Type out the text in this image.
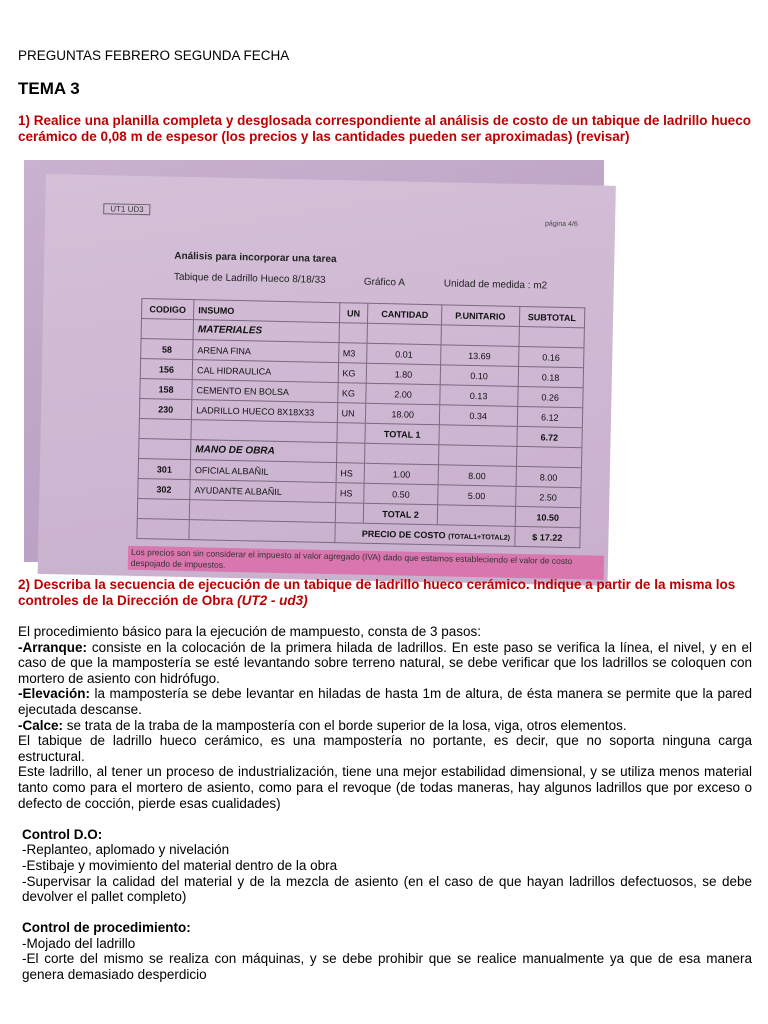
PREGUNTAS FEBRERO SEGUNDA FECHA
TEMA 3
1) Realice una planilla completa y desglosada correspondiente al análisis de costo de un tabique de ladrillo hueco cerámico de 0,08 m de espesor (los precios y las cantidades pueden ser aproximadas) (revisar)
UT1 UD3
página 4/6
Análisis para incorporar una tarea
Tabique de Ladrillo Hueco 8/18/33	Gráfico A	Unidad de medida : m2
CODIGO	INSUMO	UN	CANTIDAD	P.UNITARIO	SUBTOTAL
	MATERIALES				
58	ARENA FINA	M3	0.01	13.69	0.16
156	CAL HIDRAULICA	KG	1.80	0.10	0.18
158	CEMENTO EN BOLSA	KG	2.00	0.13	0.26
230	LADRILLO HUECO 8X18X33	UN	18.00	0.34	6.12
			TOTAL 1		6.72
	MANO DE OBRA				
301	OFICIAL ALBAÑIL	HS	1.00	8.00	8.00
302	AYUDANTE ALBAÑIL	HS	0.50	5.00	2.50
			TOTAL 2		10.50
		PRECIO DE COSTO (TOTAL1+TOTAL2)			$ 17.22
Los precios son sin considerar el impuesto al valor agregado (IVA) dado que estamos estableciendo el valor de costo despojado de impuestos.
2) Describa la secuencia de ejecución de un tabique de ladrillo hueco cerámico. Indique a partir de la misma los controles de la Dirección de Obra (UT2 - ud3)

El procedimiento básico para la ejecución de mampuesto, consta de 3 pasos:

-Arranque: consiste en la colocación de la primera hilada de ladrillos. En este paso se verifica la línea, el nivel, y en el caso de que la mampostería se esté levantando sobre terreno natural, se debe verificar que los ladrillos se coloquen con mortero de asiento con hidrófugo.

-Elevación: la mampostería se debe levantar en hiladas de hasta 1m de altura, de ésta manera se permite que la pared ejecutada descanse.

-Calce: se trata de la traba de la mampostería con el borde superior de la losa, viga, otros elementos.

El tabique de ladrillo hueco cerámico, es una mampostería no portante, es decir, que no soporta ninguna carga estructural.

Este ladrillo, al tener un proceso de industrialización, tiene una mejor estabilidad dimensional, y se utiliza menos material tanto como para el mortero de asiento, como para el revoque (de todas maneras, hay algunos ladrillos que por exceso o defecto de cocción, pierde esas cualidades)

Control D.O:

-Replanteo, aplomado y nivelación

-Estibaje y movimiento del material dentro de la obra

-Supervisar la calidad del material y de la mezcla de asiento (en el caso de que hayan ladrillos defectuosos, se debe devolver el pallet completo)

Control de procedimiento:

-Mojado del ladrillo

-El corte del mismo se realiza con máquinas, y se debe prohibir que se realice manualmente ya que de esa manera genera demasiado desperdicio
